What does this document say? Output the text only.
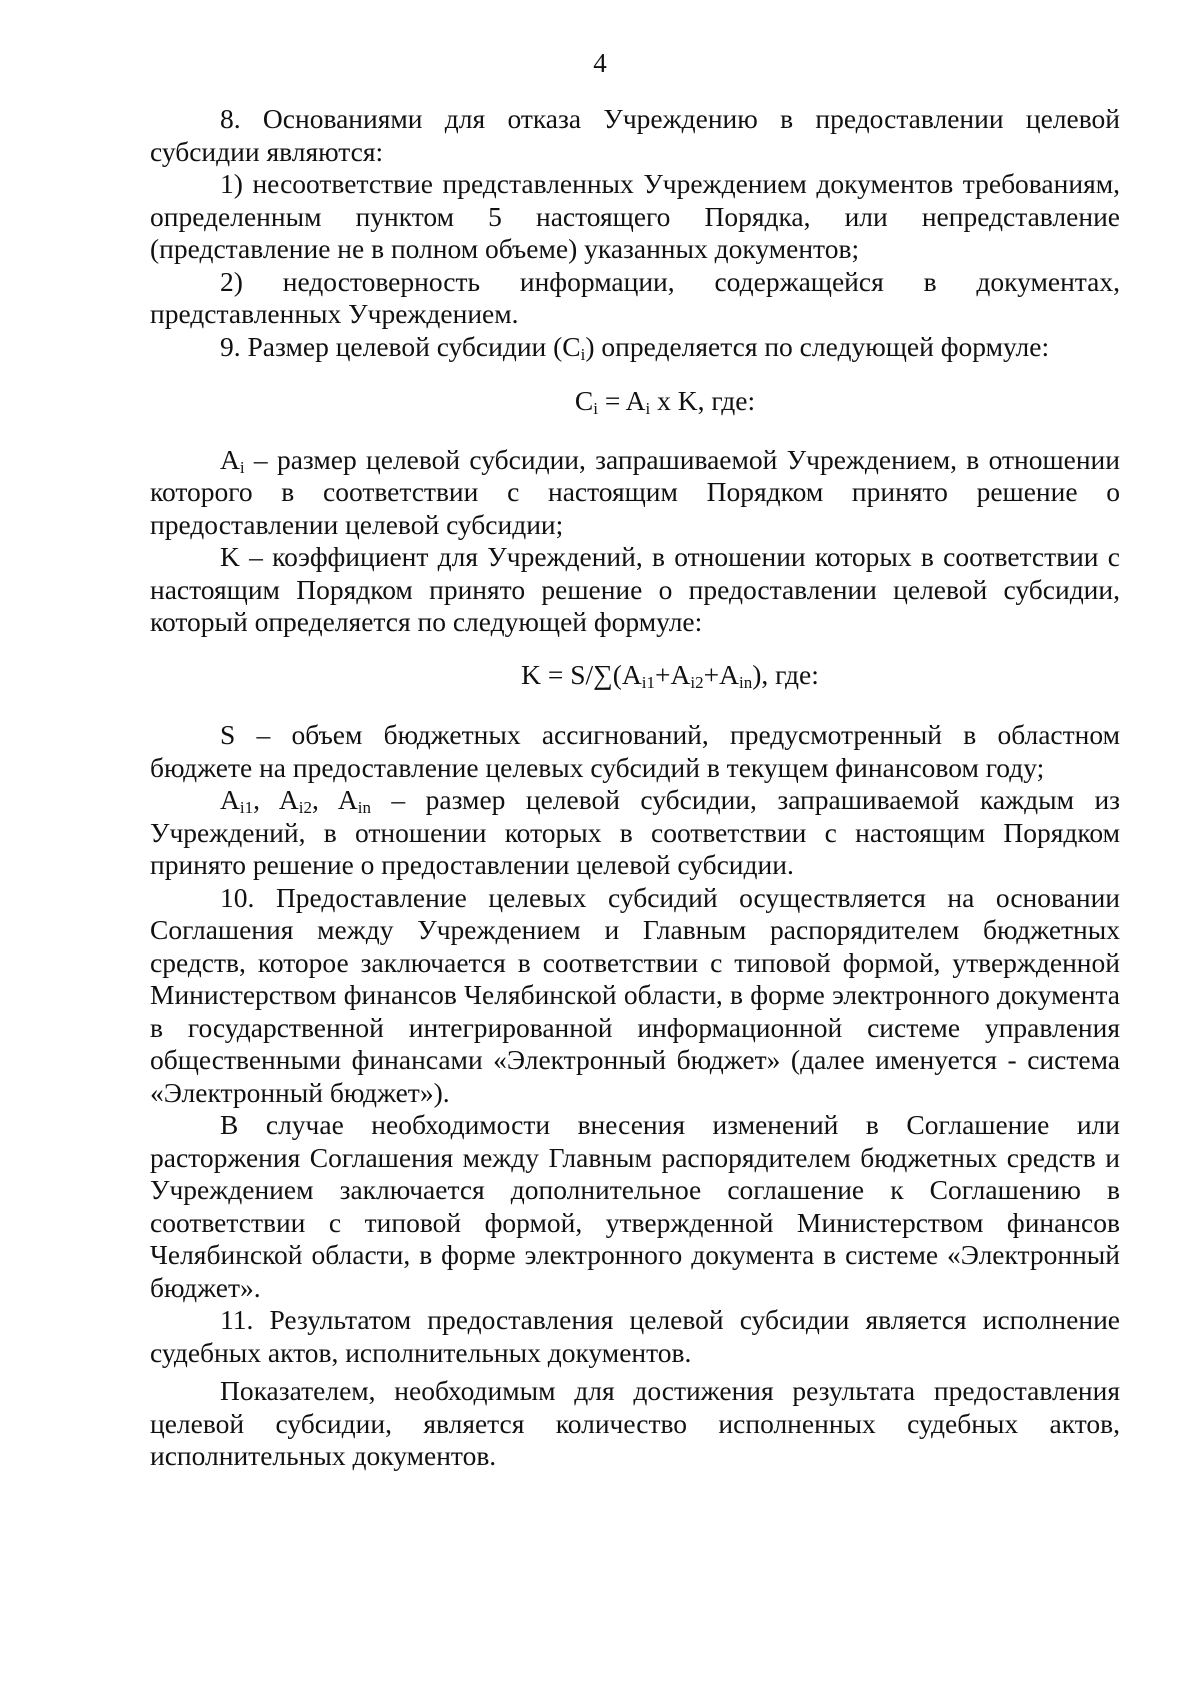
4

8. Основаниями для отказа Учреждению в предоставлении целевой субсидии являются:

1) несоответствие представленных Учреждением документов требованиям, определенным пунктом 5 настоящего Порядка, или непредставление (представление не в полном объеме) указанных документов;

2) недостоверность информации, содержащейся в документах, представленных Учреждением.

9. Размер целевой субсидии $(C_i)$ определяется по следующей формуле:

$C_i = A_i$ x K, где:

$A_i$ – размер целевой субсидии, запрашиваемой Учреждением, в отношении которого в соответствии с настоящим Порядком принято решение о предоставлении целевой субсидии;

K – коэффициент для Учреждений, в отношении которых в соответствии с настоящим Порядком принято решение о предоставлении целевой субсидии, который определяется по следующей формуле:

$K = S/\sum(A_{i1}+A_{i2}+A_{in})$, где:

S – объем бюджетных ассигнований, предусмотренный в областном бюджете на предоставление целевых субсидий в текущем финансовом году;

$A_{i1}$, $A_{i2}$, $A_{in}$ – размер целевой субсидии, запрашиваемой каждым из Учреждений, в отношении которых в соответствии с настоящим Порядком принято решение о предоставлении целевой субсидии.

10. Предоставление целевых субсидий осуществляется на основании Соглашения между Учреждением и Главным распорядителем бюджетных средств, которое заключается в соответствии с типовой формой, утвержденной Министерством финансов Челябинской области, в форме электронного документа в государственной интегрированной информационной системе управления общественными финансами «Электронный бюджет» (далее именуется - система «Электронный бюджет»).

В случае необходимости внесения изменений в Соглашение или расторжения Соглашения между Главным распорядителем бюджетных средств и Учреждением заключается дополнительное соглашение к Соглашению в соответствии с типовой формой, утвержденной Министерством финансов Челябинской области, в форме электронного документа в системе «Электронный бюджет».

11. Результатом предоставления целевой субсидии является исполнение судебных актов, исполнительных документов.

Показателем, необходимым для достижения результата предоставления целевой субсидии, является количество исполненных судебных актов, исполнительных документов.
